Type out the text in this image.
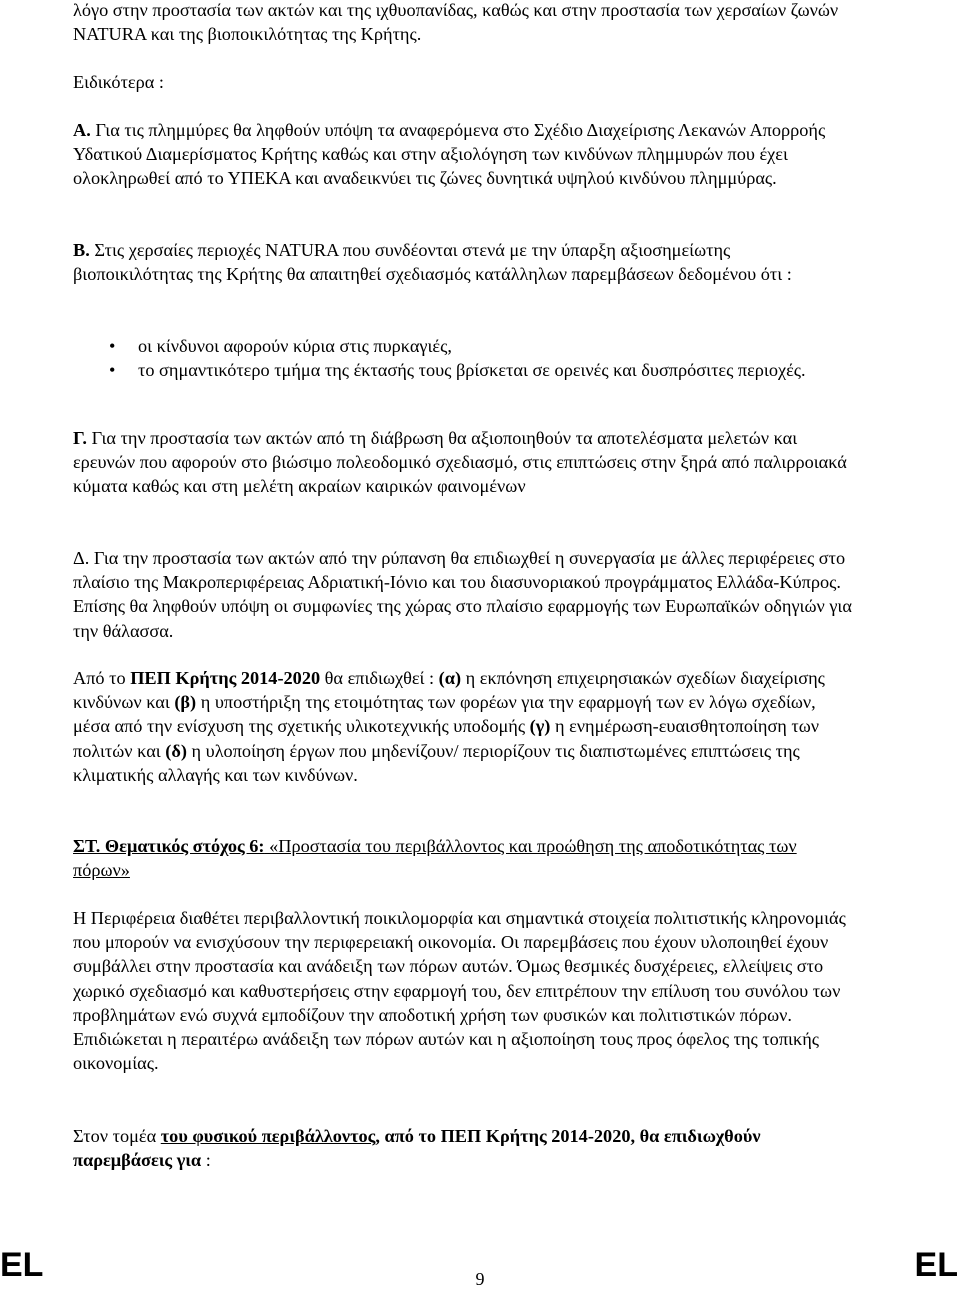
λόγο στην προστασία των ακτών και της ιχθυοπανίδας, καθώς και στην προστασία των χερσαίων ζωνών NATURA και της βιοποικιλότητας της Κρήτης.

Ειδικότερα :

Α. Για τις πλημμύρες θα ληφθούν υπόψη τα αναφερόμενα στο Σχέδιο Διαχείρισης Λεκανών Απορροής Υδατικού Διαμερίσματος Κρήτης καθώς και στην αξιολόγηση των κινδύνων πλημμυρών που έχει ολοκληρωθεί από το ΥΠΕΚΑ και αναδεικνύει τις ζώνες δυνητικά υψηλού κινδύνου πλημμύρας.

Β. Στις χερσαίες περιοχές NATURA που συνδέονται στενά με την ύπαρξη αξιοσημείωτης βιοποικιλότητας της Κρήτης θα απαιτηθεί σχεδιασμός κατάλληλων παρεμβάσεων δεδομένου ότι :

• οι κίνδυνοι αφορούν κύρια στις πυρκαγιές,
• το σημαντικότερο τμήμα της έκτασής τους βρίσκεται σε ορεινές και δυσπρόσιτες περιοχές.

Γ. Για την προστασία των ακτών από τη διάβρωση θα αξιοποιηθούν τα αποτελέσματα μελετών και ερευνών που αφορούν στο βιώσιμο πολεοδομικό σχεδιασμό, στις επιπτώσεις στην ξηρά από παλιρροιακά κύματα καθώς και στη μελέτη ακραίων καιρικών φαινομένων

Δ. Για την προστασία των ακτών από την ρύπανση θα επιδιωχθεί η συνεργασία με άλλες περιφέρειες στο πλαίσιο της Μακροπεριφέρειας Αδριατική-Ιόνιο και του διασυνοριακού προγράμματος Ελλάδα-Κύπρος. Επίσης θα ληφθούν υπόψη οι συμφωνίες της χώρας στο πλαίσιο εφαρμογής των Ευρωπαϊκών οδηγιών για την θάλασσα.

Από το ΠΕΠ Κρήτης 2014-2020 θα επιδιωχθεί : (α) η εκπόνηση επιχειρησιακών σχεδίων διαχείρισης κινδύνων και (β) η υποστήριξη της ετοιμότητας των φορέων για την εφαρμογή των εν λόγω σχεδίων, μέσα από την ενίσχυση της σχετικής υλικοτεχνικής υποδομής (γ) η ενημέρωση-ευαισθητοποίηση των πολιτών και (δ) η υλοποίηση έργων που μηδενίζουν/ περιορίζουν τις διαπιστωμένες επιπτώσεις της κλιματικής αλλαγής και των κινδύνων.

ΣΤ. Θεματικός στόχος 6: «Προστασία του περιβάλλοντος και προώθηση της αποδοτικότητας των πόρων»

Η Περιφέρεια διαθέτει περιβαλλοντική ποικιλομορφία και σημαντικά στοιχεία πολιτιστικής κληρονομιάς που μπορούν να ενισχύσουν την περιφερειακή οικονομία. Οι παρεμβάσεις που έχουν υλοποιηθεί έχουν συμβάλλει στην προστασία και ανάδειξη των πόρων αυτών. Όμως θεσμικές δυσχέρειες, ελλείψεις στο χωρικό σχεδιασμό και καθυστερήσεις στην εφαρμογή του, δεν επιτρέπουν την επίλυση του συνόλου των προβλημάτων ενώ συχνά εμποδίζουν την αποδοτική χρήση των φυσικών και πολιτιστικών πόρων. Επιδιώκεται η περαιτέρω ανάδειξη των πόρων αυτών και η αξιοποίηση τους προς όφελος της τοπικής οικονομίας.

Στον τομέα του φυσικού περιβάλλοντος, από το ΠΕΠ Κρήτης 2014-2020, θα επιδιωχθούν παρεμβάσεις για :

EL	EL
9
